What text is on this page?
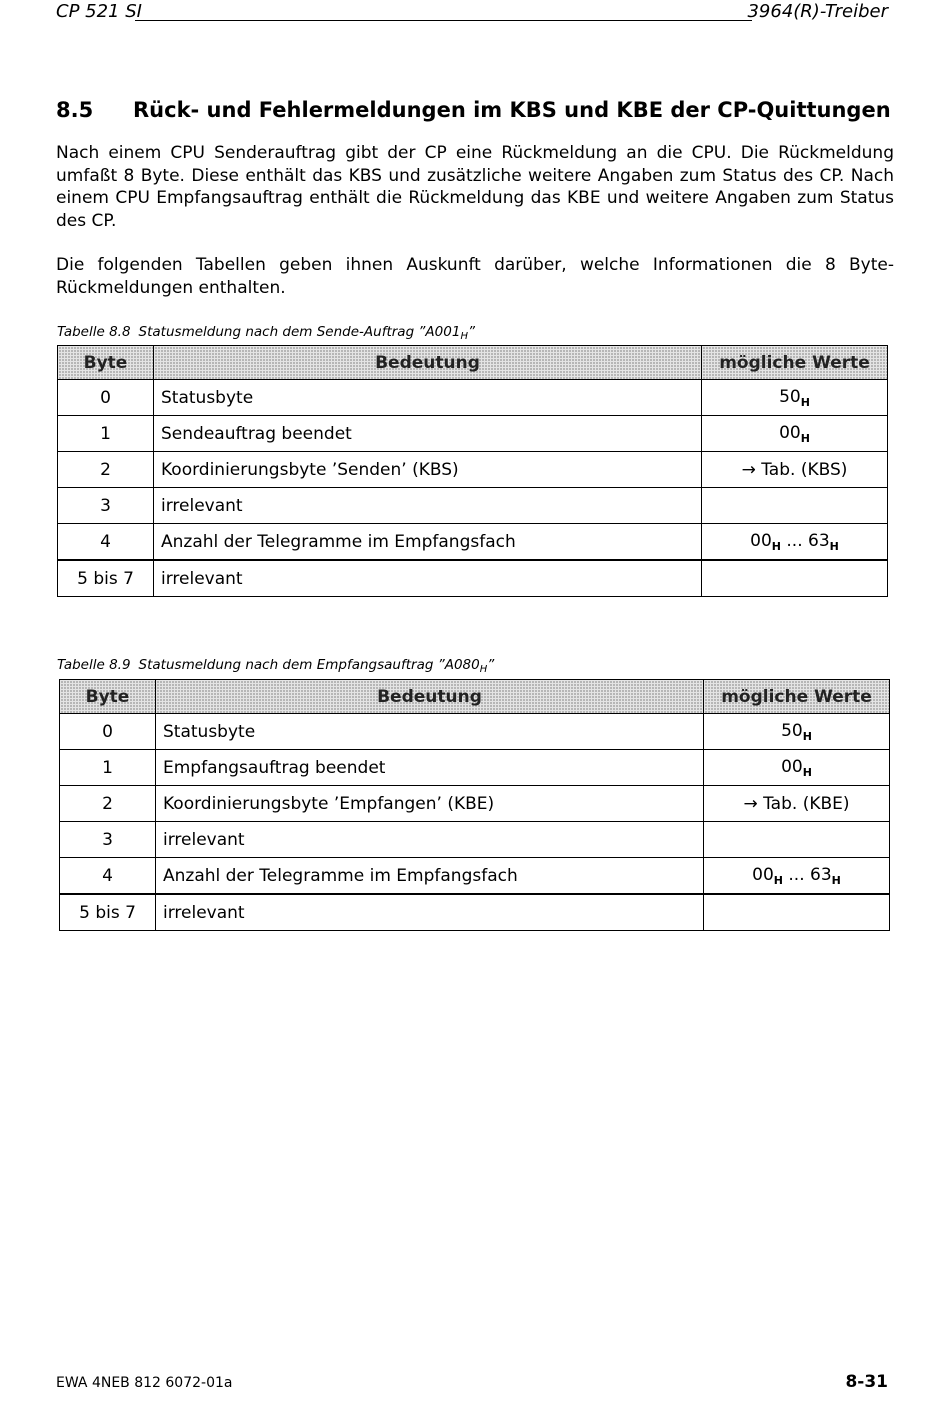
CP 521 SI	3964(R)-Treiber
8.5 Rück- und Fehlermeldungen im KBS und KBE der CP-Quittungen

Nach einem CPU Senderauftrag gibt der CP eine Rückmeldung an die CPU. Die Rückmeldung umfaßt 8 Byte. Diese enthält das KBS und zusätzliche weitere Angaben zum Status des CP. Nach einem CPU Empfangsauftrag enthält die Rückmeldung das KBE und weitere Angaben zum Status des CP.

Die folgenden Tabellen geben ihnen Auskunft darüber, welche Informationen die 8 Byte-Rückmeldungen enthalten.

Tabelle 8.8 Statusmeldung nach dem Sende-Auftrag $”A001_H$”
Byte	Bedeutung	mögliche Werte
0	Statusbyte	$50_H$
1	Sendeauftrag beendet	$00_H$
2	Koordinierungsbyte ’Senden’ (KBS)	→ Tab. (KBS)
3	irrelevant	
4	Anzahl der Telegramme im Empfangsfach	$00_H$ ... $63_H$
5 bis 7	irrelevant	
Tabelle 8.9 Statusmeldung nach dem Empfangsauftrag $”A080_H$”
Byte	Bedeutung	mögliche Werte
0	Statusbyte	$50_H$
1	Empfangsauftrag beendet	$00_H$
2	Koordinierungsbyte ’Empfangen’ (KBE)	→ Tab. (KBE)
3	irrelevant	
4	Anzahl der Telegramme im Empfangsfach	$00_H$ ... $63_H$
5 bis 7	irrelevant	
EWA 4NEB 812 6072-01a	8-31
